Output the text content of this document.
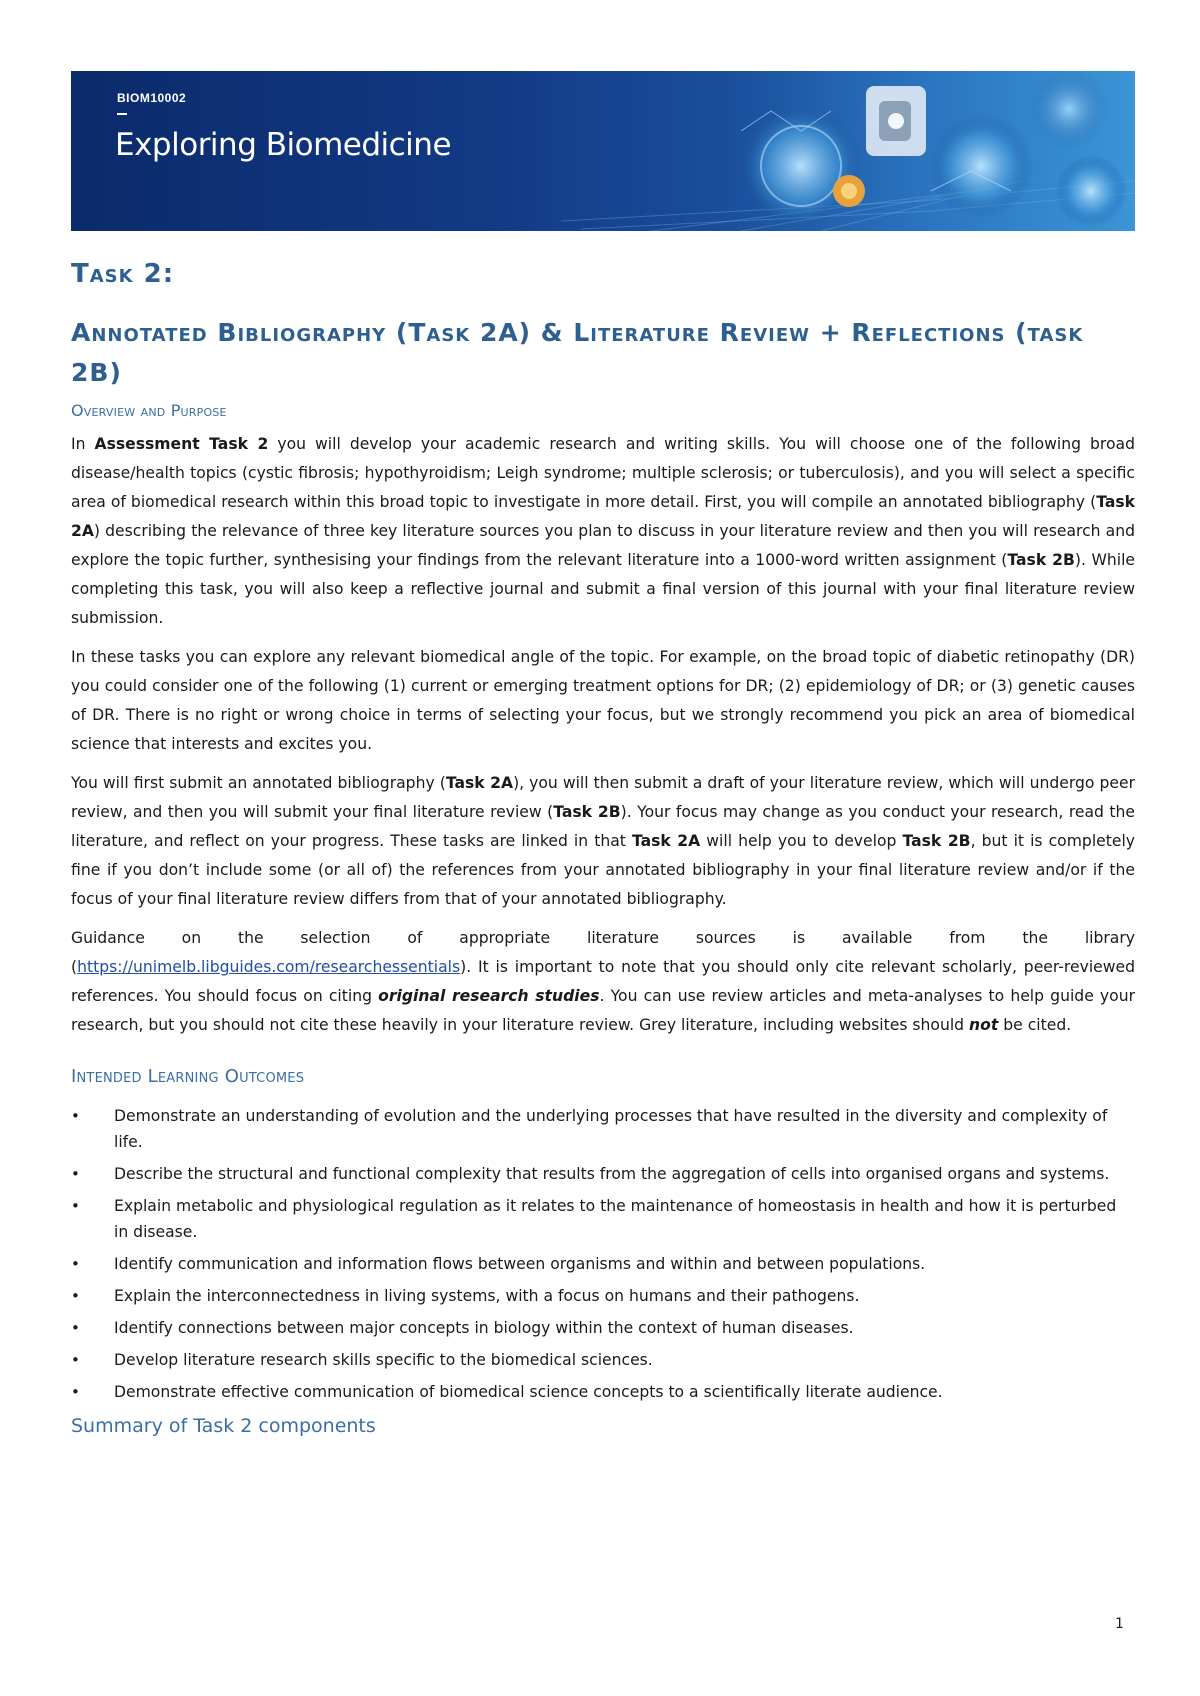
BIOM10002
Exploring Biomedicine
Task 2:
Annotated Bibliography (Task 2A) & Literature Review + Reflections (task 2B)
Overview and Purpose

In Assessment Task 2 you will develop your academic research and writing skills. You will choose one of the following broad disease/health topics (cystic fibrosis; hypothyroidism; Leigh syndrome; multiple sclerosis; or tuberculosis), and you will select a specific area of biomedical research within this broad topic to investigate in more detail. First, you will compile an annotated bibliography (Task 2A) describing the relevance of three key literature sources you plan to discuss in your literature review and then you will research and explore the topic further, synthesising your findings from the relevant literature into a 1000-word written assignment (Task 2B). While completing this task, you will also keep a reflective journal and submit a final version of this journal with your final literature review submission.

In these tasks you can explore any relevant biomedical angle of the topic. For example, on the broad topic of diabetic retinopathy (DR) you could consider one of the following (1) current or emerging treatment options for DR; (2) epidemiology of DR; or (3) genetic causes of DR. There is no right or wrong choice in terms of selecting your focus, but we strongly recommend you pick an area of biomedical science that interests and excites you.

You will first submit an annotated bibliography (Task 2A), you will then submit a draft of your literature review, which will undergo peer review, and then you will submit your final literature review (Task 2B). Your focus may change as you conduct your research, read the literature, and reflect on your progress. These tasks are linked in that Task 2A will help you to develop Task 2B, but it is completely fine if you don’t include some (or all of) the references from your annotated bibliography in your final literature review and/or if the focus of your final literature review differs from that of your annotated bibliography.

Guidance on the selection of appropriate literature sources is available from the library (https://unimelb.libguides.com/researchessentials). It is important to note that you should only cite relevant scholarly, peer-reviewed references. You should focus on citing original research studies. You can use review articles and meta-analyses to help guide your research, but you should not cite these heavily in your literature review. Grey literature, including websites should not be cited.

Intended Learning Outcomes
• Demonstrate an understanding of evolution and the underlying processes that have resulted in the diversity and complexity of life.
• Describe the structural and functional complexity that results from the aggregation of cells into organised organs and systems.
• Explain metabolic and physiological regulation as it relates to the maintenance of homeostasis in health and how it is perturbed in disease.
• Identify communication and information flows between organisms and within and between populations.
• Explain the interconnectedness in living systems, with a focus on humans and their pathogens.
• Identify connections between major concepts in biology within the context of human diseases.
• Develop literature research skills specific to the biomedical sciences.
• Demonstrate effective communication of biomedical science concepts to a scientifically literate audience.
Summary of Task 2 components
1
